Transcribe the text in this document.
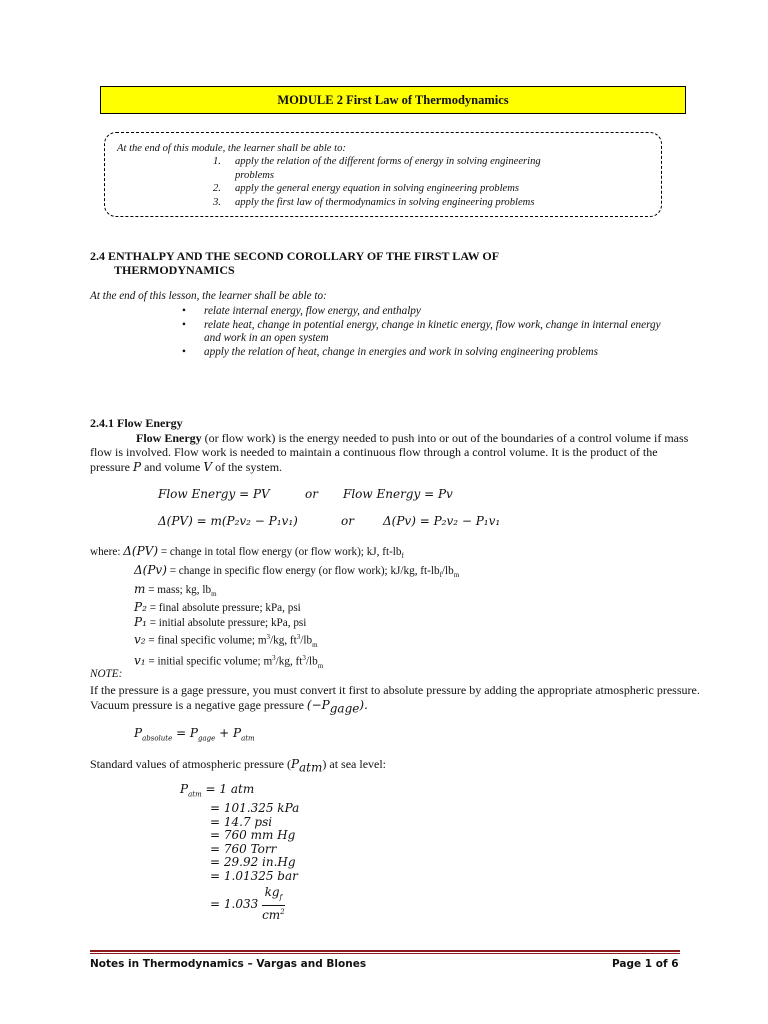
MODULE 2 First Law of Thermodynamics
At the end of this module, the learner shall be able to:
1. apply the relation of the different forms of energy in solving engineering
problems
2. apply the general energy equation in solving engineering problems
3. apply the first law of thermodynamics in solving engineering problems
2.4 ENTHALPY AND THE SECOND COROLLARY OF THE FIRST LAW OF
THERMODYNAMICS
At the end of this lesson, the learner shall be able to:
• relate internal energy, flow energy, and enthalpy
• relate heat, change in potential energy, change in kinetic energy, flow work, change in internal energy and work in an open system
• apply the relation of heat, change in energies and work in solving engineering problems
2.4.1 Flow Energy
Flow Energy (or flow work) is the energy needed to push into or out of the boundaries of a control volume if mass flow is involved. Flow work is needed to maintain a continuous flow through a control volume. It is the product of the pressure P and volume V of the system.
Flow Energy = PV	or Flow Energy = Pv
Δ(PV) = m(P₂v₂ − P₁v₁)	or Δ(Pv) = P₂v₂ − P₁v₁
where: Δ(PV) = change in total flow energy (or flow work); kJ, $ft-lb_f$
Δ(Pv) = change in specific flow energy (or flow work); kJ/kg, $ft-lb_f/lb_m$
m = mass; kg, $lb_m$
P₂ = final absolute pressure; kPa, psi
P₁ = initial absolute pressure; kPa, psi
v₂ = final specific volume; $m^3/kg$, $ft^3/lb_m$
v₁ = initial specific volume; $m^3/kg$, $ft^3/lb_m$
NOTE:
If the pressure is a gage pressure, you must convert it first to absolute pressure by adding the appropriate atmospheric pressure. Vacuum pressure is a negative gage pressure $(-P_{gage})$.
$P_{absolute} = P_{gage} + P_{atm}$
Standard values of atmospheric pressure $(P_{atm})$ at sea level:
$P_{atm} = 1$ atm
= 101.325 kPa
= 14.7 psi
= 760 mm Hg
= 760 Torr
= 29.92 in.Hg
= 1.01325 bar
= $1.033 \frac{kg_f}{cm^2}$
Notes in Thermodynamics – Vargas and Blones	Page 1 of 6
